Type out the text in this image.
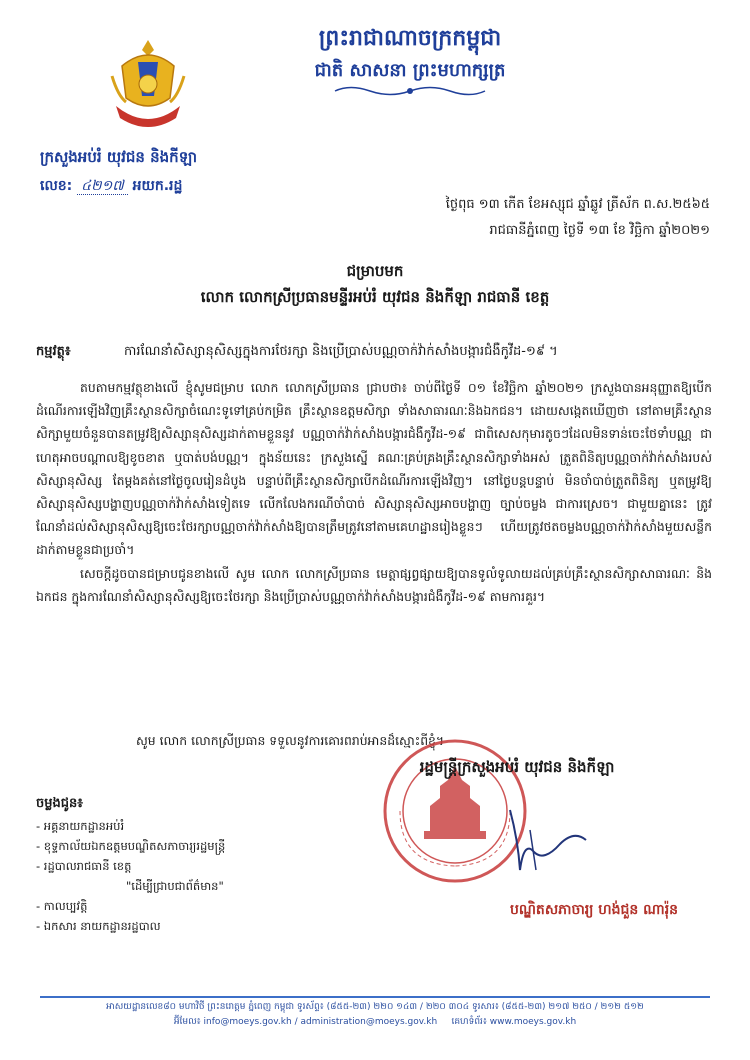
ព្រះរាជាណាចក្រកម្ពុជា
ជាតិ សាសនា ព្រះមហាក្សត្រ
ក្រសួងអប់រំ យុវជន និងកីឡា
លេខ: ៤២១៧ អយក.រដ្ឋ
ថ្ងៃពុធ ១៣ កើត ខែអស្សុជ ឆ្នាំឆ្លូវ ត្រីស័ក ព.ស.២៥៦៥
រាជធានីភ្នំពេញ ថ្ងៃទី ១៣ ខែ វិច្ឆិកា ឆ្នាំ២០២១
ជម្រាបមក
លោក លោកស្រីប្រធានមន្ទីរអប់រំ យុវជន និងកីឡា រាជធានី ខេត្ត
កម្មវត្ថុ៖	ការណែនាំសិស្សានុសិស្សក្នុងការថែរក្សា និងប្រើប្រាស់បណ្ណចាក់វ៉ាក់សាំងបង្ការជំងឺកូវីដ-១៩ ។

តបតាមកម្មវត្ថុខាងលើ ខ្ញុំសូមជម្រាប លោក លោកស្រីប្រធាន ជ្រាបថា៖ ចាប់ពីថ្ងៃទី ០១ ខែវិច្ឆិកា ឆ្នាំ២០២១ ក្រសួងបានអនុញ្ញាតឱ្យបើកដំណើរការឡើងវិញគ្រឹះស្ថានសិក្សាចំណេះទូទៅគ្រប់កម្រិត គ្រឹះស្ថានឧត្តមសិក្សា ទាំងសាធារណៈនិងឯកជន។ ដោយសង្កេតឃើញថា នៅតាមគ្រឹះស្ថានសិក្សាមួយចំនួនបានតម្រូវឱ្យសិស្សានុសិស្សដាក់តាមខ្លួននូវ បណ្ណចាក់វ៉ាក់សាំងបង្ការជំងឺកូវីដ-១៩ ជាពិសេសកុមារតូចៗដែលមិនទាន់ចេះថែទាំបណ្ណ ជាហេតុអាចបណ្ដាលឱ្យខូចខាត ឬបាត់បង់បណ្ណ។ ក្នុងន័យនេះ ក្រសួងស្នើ គណៈគ្រប់គ្រងគ្រឹះស្ថានសិក្សាទាំងអស់ ត្រួតពិនិត្យបណ្ណចាក់វ៉ាក់សាំងរបស់សិស្សានុសិស្ស តែម្ដងគត់នៅថ្ងៃចូលរៀនដំបូង បន្ទាប់ពីគ្រឹះស្ថានសិក្សាបើកដំណើរការឡើងវិញ។ នៅថ្ងៃបន្តបន្ទាប់ មិនចាំបាច់ត្រួតពិនិត្យ ឬតម្រូវឱ្យសិស្សានុសិស្សបង្ហាញបណ្ណចាក់វ៉ាក់សាំងទៀតទេ លើកលែងករណីចាំបាច់ សិស្សានុសិស្សអាចបង្ហាញ ច្បាប់ចម្លង ជាការស្រេច។ ជាមួយគ្នានេះ ត្រូវណែនាំដល់សិស្សានុសិស្សឱ្យចេះថែរក្សាបណ្ណចាក់វ៉ាក់សាំងឱ្យបានត្រឹមត្រូវនៅតាមគេហដ្ឋានរៀងខ្លួនៗ ហើយត្រូវថតចម្លងបណ្ណចាក់វ៉ាក់សាំងមួយសន្លឹកដាក់តាមខ្លួនជាប្រចាំ។

សេចក្តីដូចបានជម្រាបជូនខាងលើ សូម លោក លោកស្រីប្រធាន មេត្តាផ្សព្វផ្សាយឱ្យបានទូលំទូលាយដល់គ្រប់គ្រឹះស្ថានសិក្សាសាធារណៈ និងឯកជន ក្នុងការណែនាំសិស្សានុសិស្សឱ្យចេះថែរក្សា និងប្រើប្រាស់បណ្ណចាក់វ៉ាក់សាំងបង្ការជំងឺកូវីដ-១៩ តាមការគួរ។

សូម លោក លោកស្រីប្រធាន ទទួលនូវការគោរពរាប់អានដ៏ស្មោះពីខ្ញុំ។
រដ្ឋមន្ត្រីក្រសួងអប់រំ យុវជន និងកីឡា
បណ្ឌិតសភាចារ្យ ហង់ជួន ណារ៉ុន
ចម្លងជូន៖
- អគ្គនាយកដ្ឋានអប់រំ
- ខុទ្ទកាល័យឯកឧត្តមបណ្ឌិតសភាចារ្យរដ្ឋមន្ត្រី
- រដ្ឋបាលរាជធានី ខេត្ត
"ដើម្បីជ្រាបជាព័ត៌មាន"
- កាលប្បវត្តិ
- ឯកសារ នាយកដ្ឋានរដ្ឋបាល
អាសយដ្ឋានលេខ៨០ មហាវិថី ព្រះនរោត្តម ភ្នំពេញ កម្ពុជា ទូរស័ព្ទ៖ (៨៥៥-២៣) ២២០ ១៤៣ / ២២០ ៣០៤ ទូរសារ៖ (៨៥៥-២៣) ២១៧ ២៥០ / ២១២ ៥១២
អ៊ីមែល៖ info@moeys.gov.kh / administration@moeys.gov.kh គេហទំព័រ៖ www.moeys.gov.kh
